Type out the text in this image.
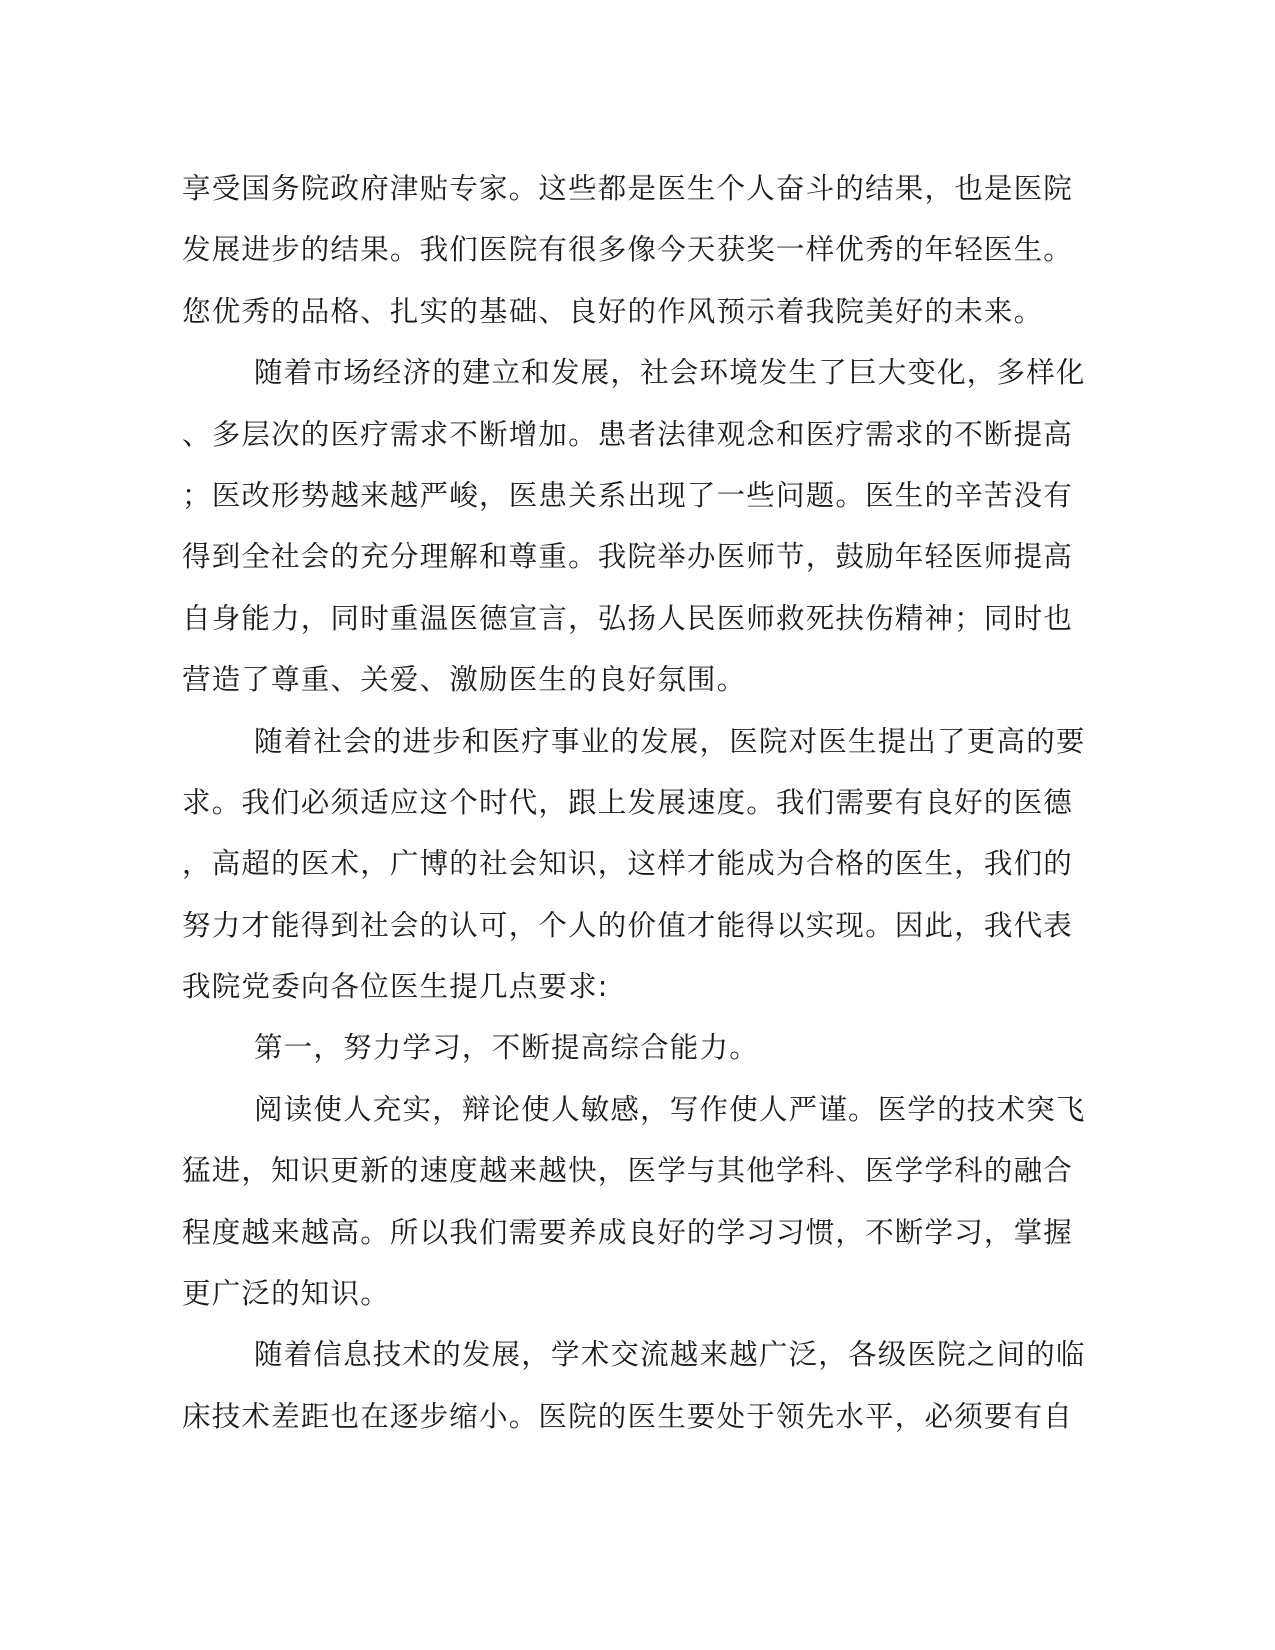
享受国务院政府津贴专家。这些都是医生个人奋斗的结果，也是医院
发展进步的结果。我们医院有很多像今天获奖一样优秀的年轻医生。
您优秀的品格、扎实的基础、良好的作风预示着我院美好的未来。
随着市场经济的建立和发展，社会环境发生了巨大变化，多样化
、多层次的医疗需求不断增加。患者法律观念和医疗需求的不断提高
；医改形势越来越严峻，医患关系出现了一些问题。医生的辛苦没有
得到全社会的充分理解和尊重。我院举办医师节，鼓励年轻医师提高
自身能力，同时重温医德宣言，弘扬人民医师救死扶伤精神；同时也
营造了尊重、关爱、激励医生的良好氛围。
随着社会的进步和医疗事业的发展，医院对医生提出了更高的要
求。我们必须适应这个时代，跟上发展速度。我们需要有良好的医德
，高超的医术，广博的社会知识，这样才能成为合格的医生，我们的
努力才能得到社会的认可，个人的价值才能得以实现。因此，我代表
我院党委向各位医生提几点要求:
第一，努力学习，不断提高综合能力。
阅读使人充实，辩论使人敏感，写作使人严谨。医学的技术突飞
猛进，知识更新的速度越来越快，医学与其他学科、医学学科的融合
程度越来越高。所以我们需要养成良好的学习习惯，不断学习，掌握
更广泛的知识。
随着信息技术的发展，学术交流越来越广泛，各级医院之间的临
床技术差距也在逐步缩小。医院的医生要处于领先水平，必须要有自
